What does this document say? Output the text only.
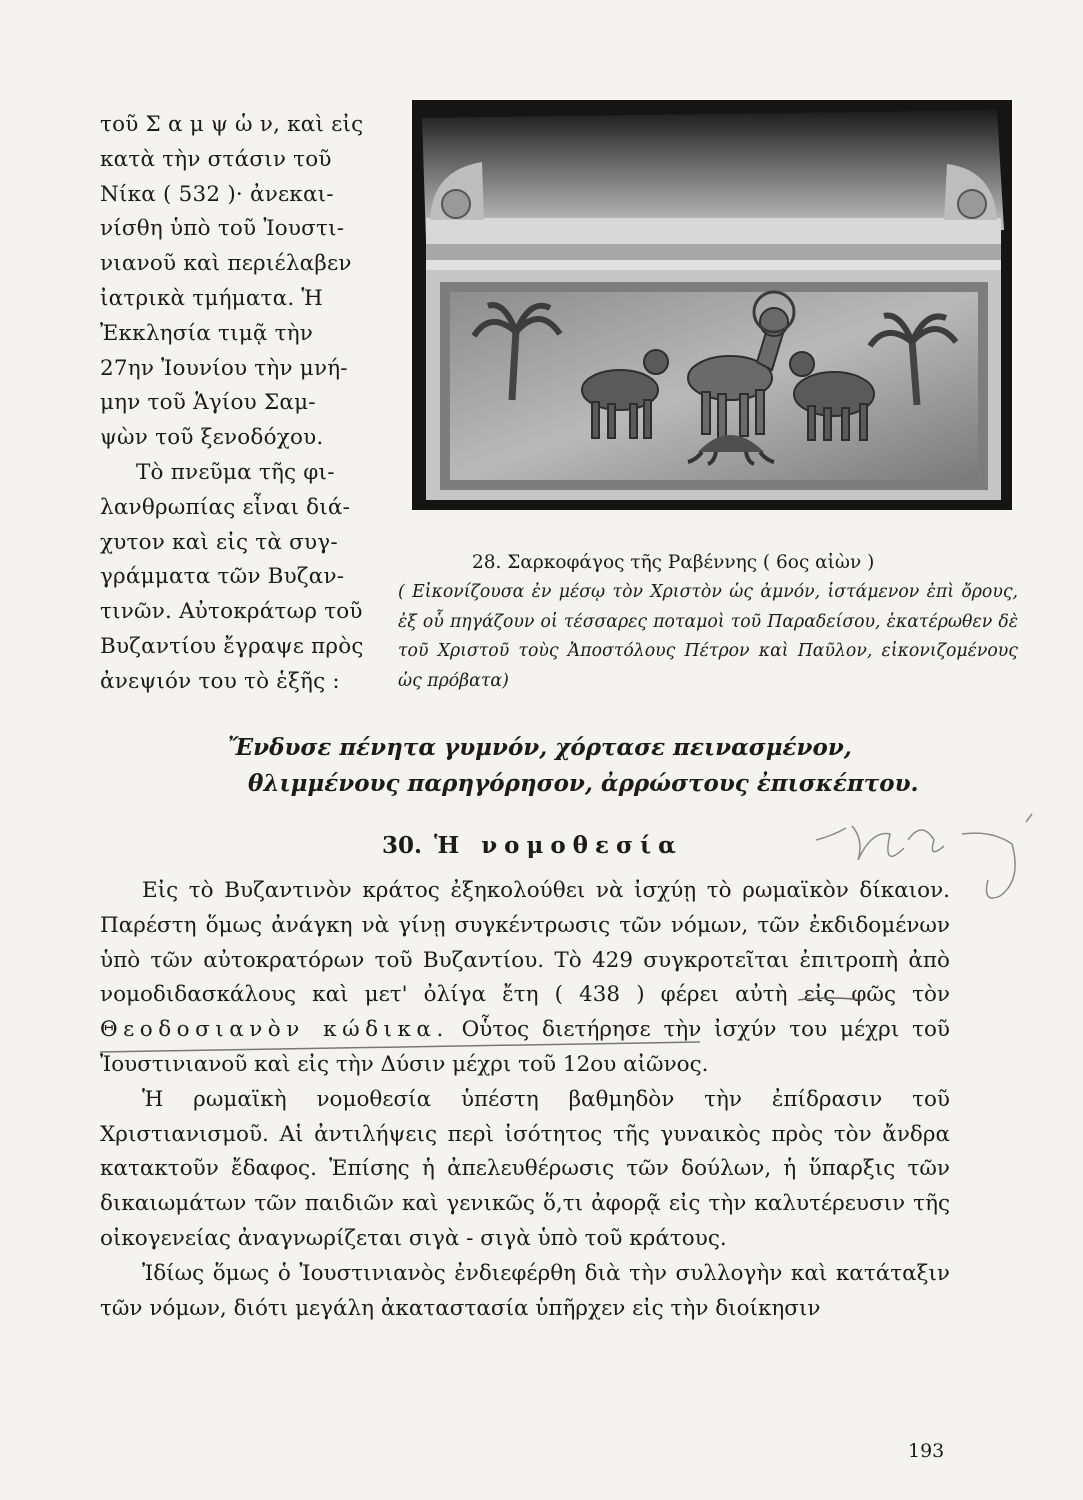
τοῦ Σ α μ ψ ὡ ν, καὶ εἰς
κατὰ τὴν στάσιν τοῦ
Νίκα ( 532 )· ἀνεκαι-
νίσθη ὑπὸ τοῦ Ἰουστι-
νιανοῦ καὶ περιέλαβεν
ἰατρικὰ τμήματα. Ἡ
Ἐκκλησία τιμᾷ τὴν
27ην Ἰουνίου τὴν μνή-
μην τοῦ Ἁγίου Σαμ-
ψὼν τοῦ ξενοδόχου.
Τὸ πνεῦμα τῆς φι-
λανθρωπίας εἶναι διά-
χυτον καὶ εἰς τὰ συγ-
γράμματα τῶν Βυζαν-
τινῶν. Αὐτοκράτωρ τοῦ
Βυζαντίου ἔγραψε πρὸς
ἀνεψιόν του τὸ ἑξῆς :
28. Σαρκοφάγος τῆς Ραβέννης ( 6ος αἰὼν )
( Εἰκονίζουσα ἐν μέσῳ τὸν Χριστὸν ὡς ἀμνόν, ἱστάμενον ἐπὶ ὄρους, ἐξ οὗ πηγάζουν οἱ τέσσαρες ποταμοὶ τοῦ Παραδείσου, ἑκατέρωθεν δὲ τοῦ Χριστοῦ τοὺς Ἀποστόλους Πέτρον καὶ Παῦλον, εἰκονιζομένους ὡς πρόβατα)
Ἔνδυσε πένητα γυμνόν, χόρτασε πεινασμένον,
θλιμμένους παρηγόρησον, ἀρρώστους ἐπισκέπτου.
30. Ἡ νομοθεσία

Εἰς τὸ Βυζαντινὸν κράτος ἐξηκολούθει νὰ ἰσχύῃ τὸ ρωμαϊκὸν δίκαιον. Παρέστη ὅμως ἀνάγκη νὰ γίνῃ συγκέντρωσις τῶν νόμων, τῶν ἐκδιδομένων ὑπὸ τῶν αὐτοκρατόρων τοῦ Βυζαντίου. Τὸ 429 συγκροτεῖται ἐπιτροπὴ ἀπὸ νομοδιδασκάλους καὶ μετ' ὀλίγα ἔτη ( 438 ) φέρει αὐτὴ εἰς φῶς τὸν Θεοδοσιανὸν κώδικα. Οὗτος διετήρησε τὴν ἰσχύν του μέχρι τοῦ Ἰουστινιανοῦ καὶ εἰς τὴν Δύσιν μέχρι τοῦ 12ου αἰῶνος.

Ἡ ρωμαϊκὴ νομοθεσία ὑπέστη βαθμηδὸν τὴν ἐπίδρασιν τοῦ Χριστιανισμοῦ. Αἱ ἀντιλήψεις περὶ ἰσότητος τῆς γυναικὸς πρὸς τὸν ἄνδρα κατακτοῦν ἔδαφος. Ἐπίσης ἡ ἀπελευθέρωσις τῶν δούλων, ἡ ὕπαρξις τῶν δικαιωμάτων τῶν παιδιῶν καὶ γενικῶς ὅ,τι ἀφορᾷ εἰς τὴν καλυτέρευσιν τῆς οἰκογενείας ἀναγνωρίζεται σιγὰ - σιγὰ ὑπὸ τοῦ κράτους.

Ἰδίως ὅμως ὁ Ἰουστινιανὸς ἐνδιεφέρθη διὰ τὴν συλλογὴν καὶ κατάταξιν τῶν νόμων, διότι μεγάλη ἀκαταστασία ὑπῆρχεν εἰς τὴν διοίκησιν

193
